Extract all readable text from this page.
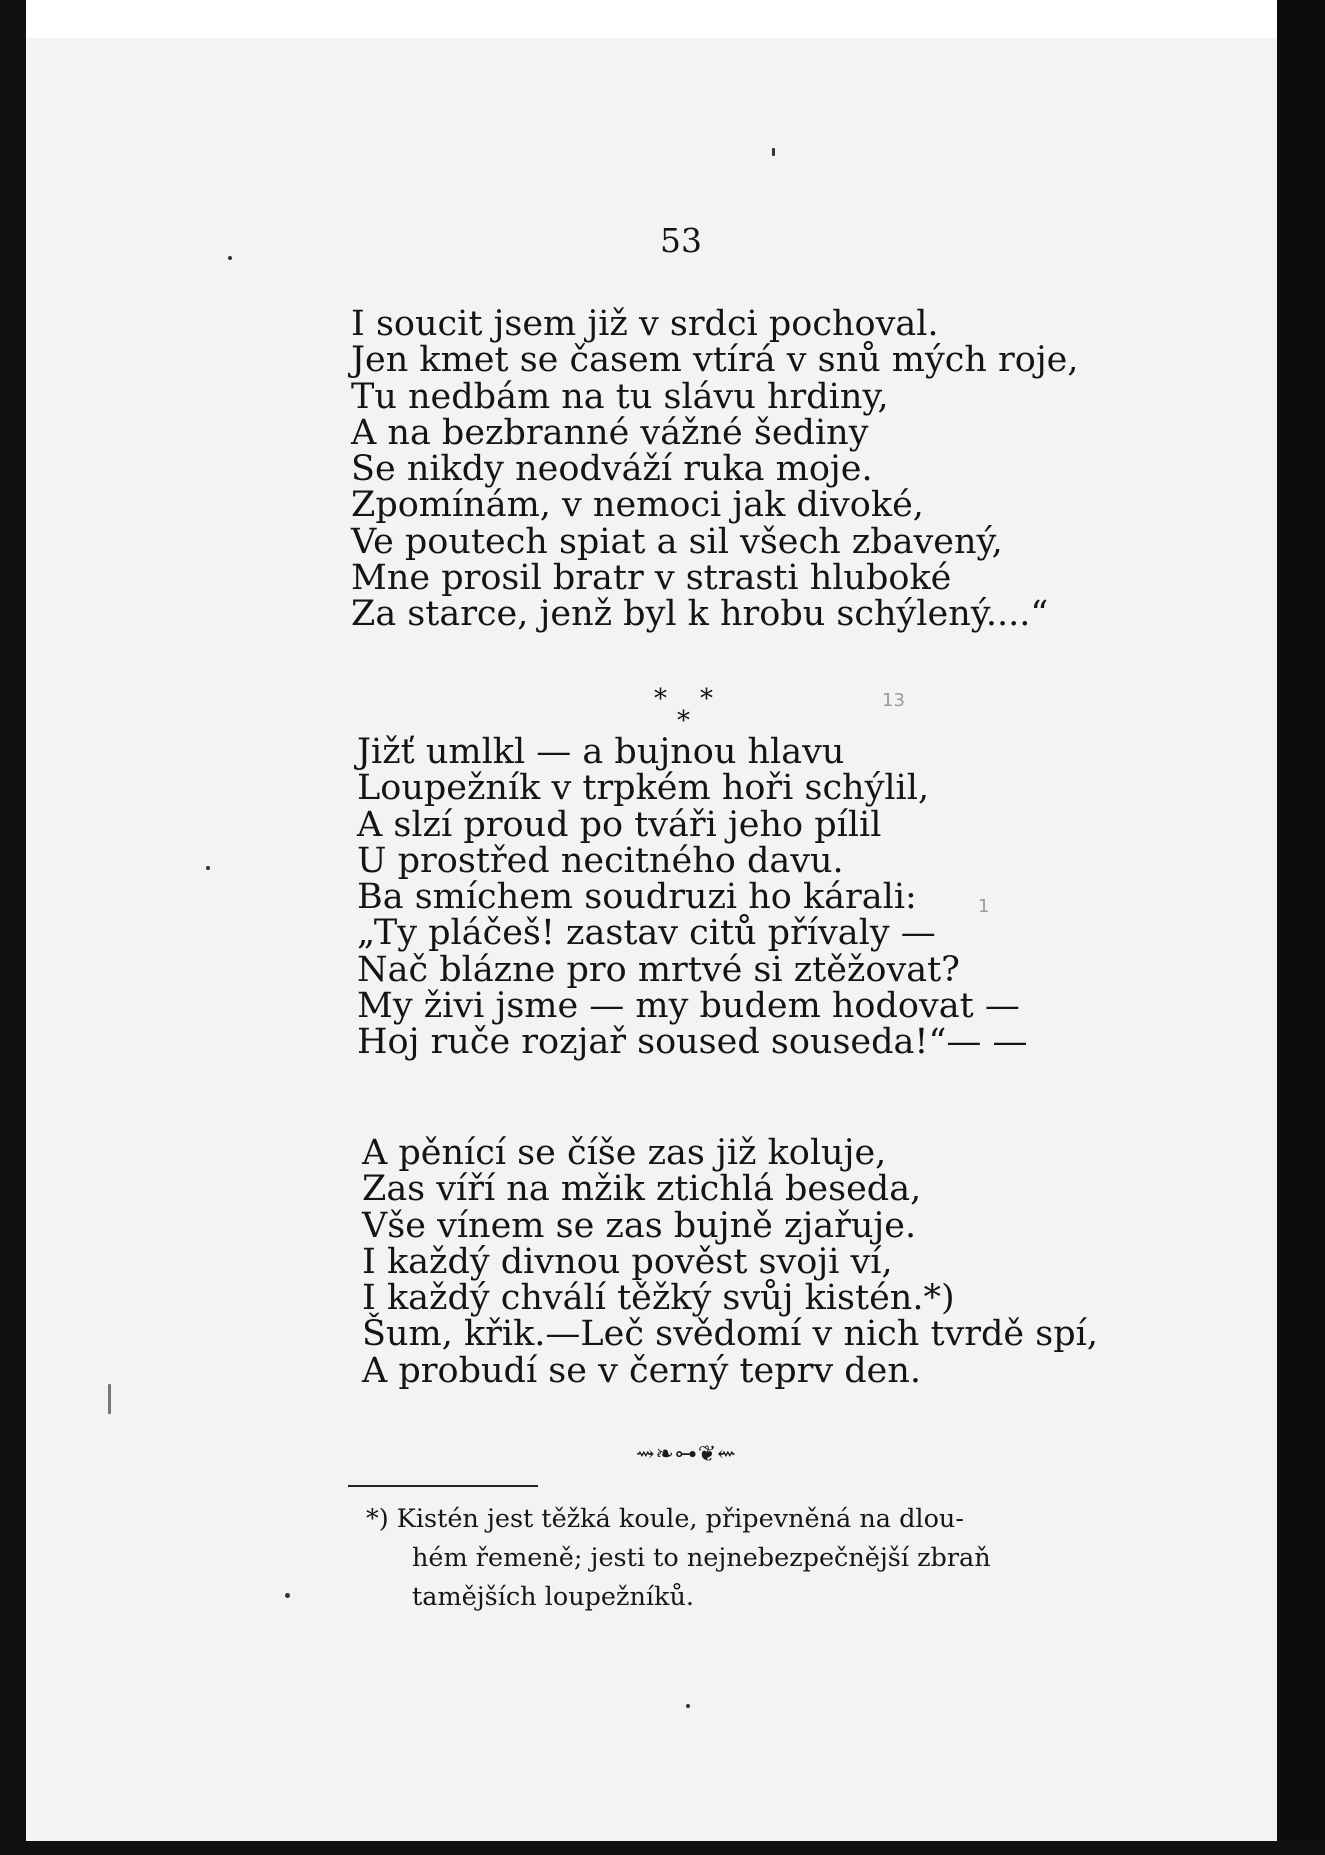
53
I soucit jsem již v srdci pochoval.
Jen kmet se časem vtírá v snů mých roje,
Tu nedbám na tu slávu hrdiny,
A na bezbranné vážné šediny
Se nikdy neodváží ruka moje.
Zpomínám, v nemoci jak divoké,
Ve poutech spiat a sil všech zbavený,
Mne prosil bratr v strasti hluboké
Za starce, jenž byl k hrobu schýlený....“
* *
*
Jižť umlkl — a bujnou hlavu
Loupežník v trpkém hoři schýlil,
A slzí proud po tváři jeho pílil
U prostřed necitného davu.
Ba smíchem soudruzi ho kárali:
„Ty pláčeš! zastav citů přívaly —
Nač blázne pro mrtvé si ztěžovat?
My živi jsme — my budem hodovat —
Hoj ruče rozjař soused souseda!“— —
A pěnící se číše zas již koluje,
Zas víří na mžik ztichlá beseda,
Vše vínem se zas bujně zjařuje.
I každý divnou pověst svoji ví,
I každý chválí těžký svůj kistén.*)
Šum, křik.—Leč svědomí v nich tvrdě spí,
A probudí se v černý teprv den.
⇝❧⊶❦⇜
*) Kistén jest těžká koule, připevněná na dlou-
hém řemeně; jesti to nejnebezpečnější zbraň
tamějších loupežníků.
13
1
